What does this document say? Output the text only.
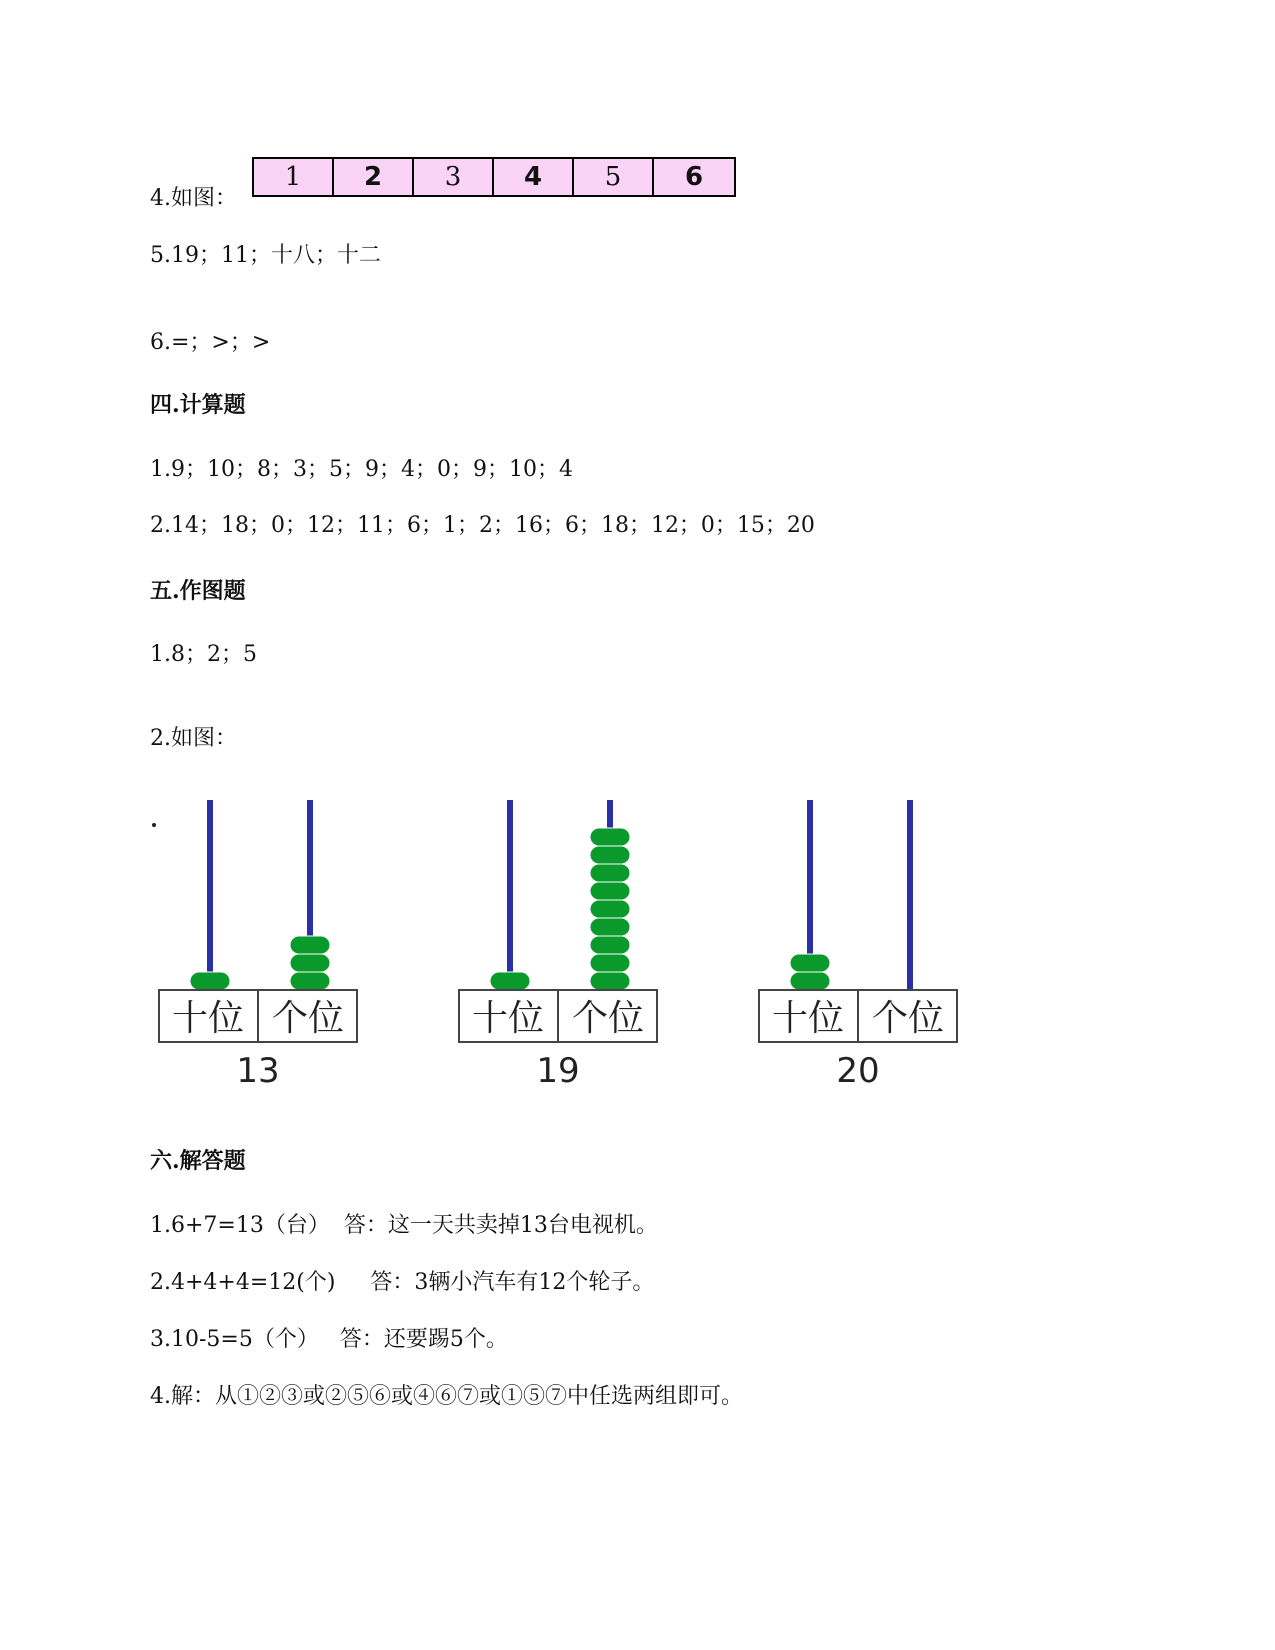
4.如图：
1	2	3	4	5	6
5.19；11；十八；十二
6.=；>；>
四.计算题
1.9；10；8；3；5；9；4；0；9；10；4
2.14；18；0；12；11；6；1；2；16；6；18；12；0；15；20
五.作图题
1.8；2；5
2.如图：
十位 个位
13
十位 个位
19
十位 个位
20
六.解答题
1.6+7=13（台）  答：这一天共卖掉13台电视机。
2.4+4+4=12(个)     答：3辆小汽车有12个轮子。
3.10-5=5（个）   答：还要踢5个。
4.解：从①②③或②⑤⑥或④⑥⑦或①⑤⑦中任选两组即可。
